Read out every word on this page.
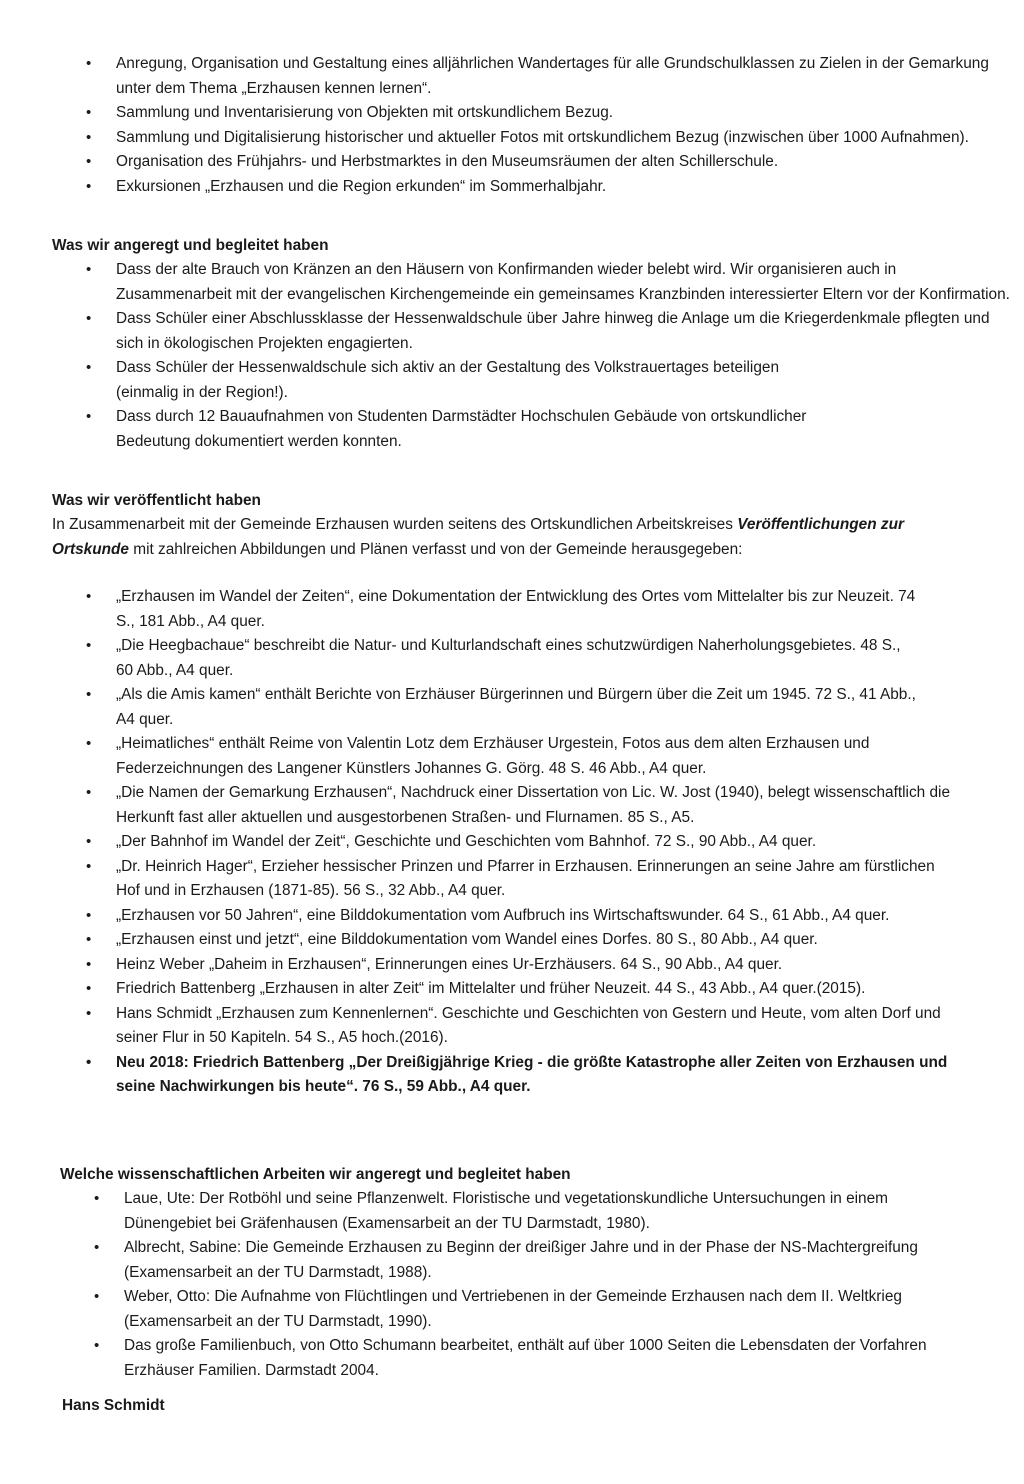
• Anregung, Organisation und Gestaltung eines alljährlichen Wandertages für alle Grundschulklassen zu Zielen in der Gemarkung unter dem Thema „Erzhausen kennen lernen“.
• Sammlung und Inventarisierung von Objekten mit ortskundlichem Bezug.
• Sammlung und Digitalisierung historischer und aktueller Fotos mit ortskundlichem Bezug (inzwischen über 1000 Aufnahmen).
• Organisation des Frühjahrs- und Herbstmarktes in den Museumsräumen der alten Schillerschule.
• Exkursionen „Erzhausen und die Region erkunden“ im Sommerhalbjahr.
Was wir angeregt und begleitet haben
• Dass der alte Brauch von Kränzen an den Häusern von Konfirmanden wieder belebt wird. Wir organisieren auch in Zusammenarbeit mit der evangelischen Kirchengemeinde ein gemeinsames Kranzbinden interessierter Eltern vor der Konfirmation.
• Dass Schüler einer Abschlussklasse der Hessenwaldschule über Jahre hinweg die Anlage um die Kriegerdenkmale pflegten und sich in ökologischen Projekten engagierten.
• Dass Schüler der Hessenwaldschule sich aktiv an der Gestaltung des Volkstrauertages beteiligen (einmalig in der Region!).
• Dass durch 12 Bauaufnahmen von Studenten Darmstädter Hochschulen Gebäude von ortskundlicher Bedeutung dokumentiert werden konnten.
Was wir veröffentlicht haben
In Zusammenarbeit mit der Gemeinde Erzhausen wurden seitens des Ortskundlichen Arbeitskreises Veröffentlichungen zur Ortskunde mit zahlreichen Abbildungen und Plänen verfasst und von der Gemeinde herausgegeben:
• „Erzhausen im Wandel der Zeiten“, eine Dokumentation der Entwicklung des Ortes vom Mittelalter bis zur Neuzeit. 74 S., 181 Abb., A4 quer.
• „Die Heegbachaue“ beschreibt die Natur- und Kulturlandschaft eines schutzwürdigen Naherholungsgebietes. 48 S., 60 Abb., A4 quer.
• „Als die Amis kamen“ enthält Berichte von Erzhäuser Bürgerinnen und Bürgern über die Zeit um 1945. 72 S., 41 Abb., A4 quer.
• „Heimatliches“ enthält Reime von Valentin Lotz dem Erzhäuser Urgestein, Fotos aus dem alten Erzhausen und Federzeichnungen des Langener Künstlers Johannes G. Görg. 48 S. 46 Abb., A4 quer.
• „Die Namen der Gemarkung Erzhausen“, Nachdruck einer Dissertation von Lic. W. Jost (1940), belegt wissenschaftlich die Herkunft fast aller aktuellen und ausgestorbenen Straßen- und Flurnamen. 85 S., A5.
• „Der Bahnhof im Wandel der Zeit“, Geschichte und Geschichten vom Bahnhof. 72 S., 90 Abb., A4 quer.
• „Dr. Heinrich Hager“, Erzieher hessischer Prinzen und Pfarrer in Erzhausen. Erinnerungen an seine Jahre am fürstlichen Hof und in Erzhausen (1871-85). 56 S., 32 Abb., A4 quer.
• „Erzhausen vor 50 Jahren“, eine Bilddokumentation vom Aufbruch ins Wirtschaftswunder. 64 S., 61 Abb., A4 quer.
• „Erzhausen einst und jetzt“, eine Bilddokumentation vom Wandel eines Dorfes. 80 S., 80 Abb., A4 quer.
• Heinz Weber „Daheim in Erzhausen“, Erinnerungen eines Ur-Erzhäusers. 64 S., 90 Abb., A4 quer.
• Friedrich Battenberg „Erzhausen in alter Zeit“ im Mittelalter und früher Neuzeit. 44 S., 43 Abb., A4 quer.(2015).
• Hans Schmidt „Erzhausen zum Kennenlernen“. Geschichte und Geschichten von Gestern und Heute, vom alten Dorf und seiner Flur in 50 Kapiteln. 54 S., A5 hoch.(2016).
• Neu 2018: Friedrich Battenberg „Der Dreißigjährige Krieg - die größte Katastrophe aller Zeiten von Erzhausen und seine Nachwirkungen bis heute“. 76 S., 59 Abb., A4 quer.
Welche wissenschaftlichen Arbeiten wir angeregt und begleitet haben
• Laue, Ute: Der Rotböhl und seine Pflanzenwelt. Floristische und vegetationskundliche Untersuchungen in einem Dünengebiet bei Gräfenhausen (Examensarbeit an der TU Darmstadt, 1980).
• Albrecht, Sabine: Die Gemeinde Erzhausen zu Beginn der dreißiger Jahre und in der Phase der NS-Machtergreifung (Examensarbeit an der TU Darmstadt, 1988).
• Weber, Otto: Die Aufnahme von Flüchtlingen und Vertriebenen in der Gemeinde Erzhausen nach dem II. Weltkrieg (Examensarbeit an der TU Darmstadt, 1990).
• Das große Familienbuch, von Otto Schumann bearbeitet, enthält auf über 1000 Seiten die Lebensdaten der Vorfahren Erzhäuser Familien. Darmstadt 2004.
Hans Schmidt
